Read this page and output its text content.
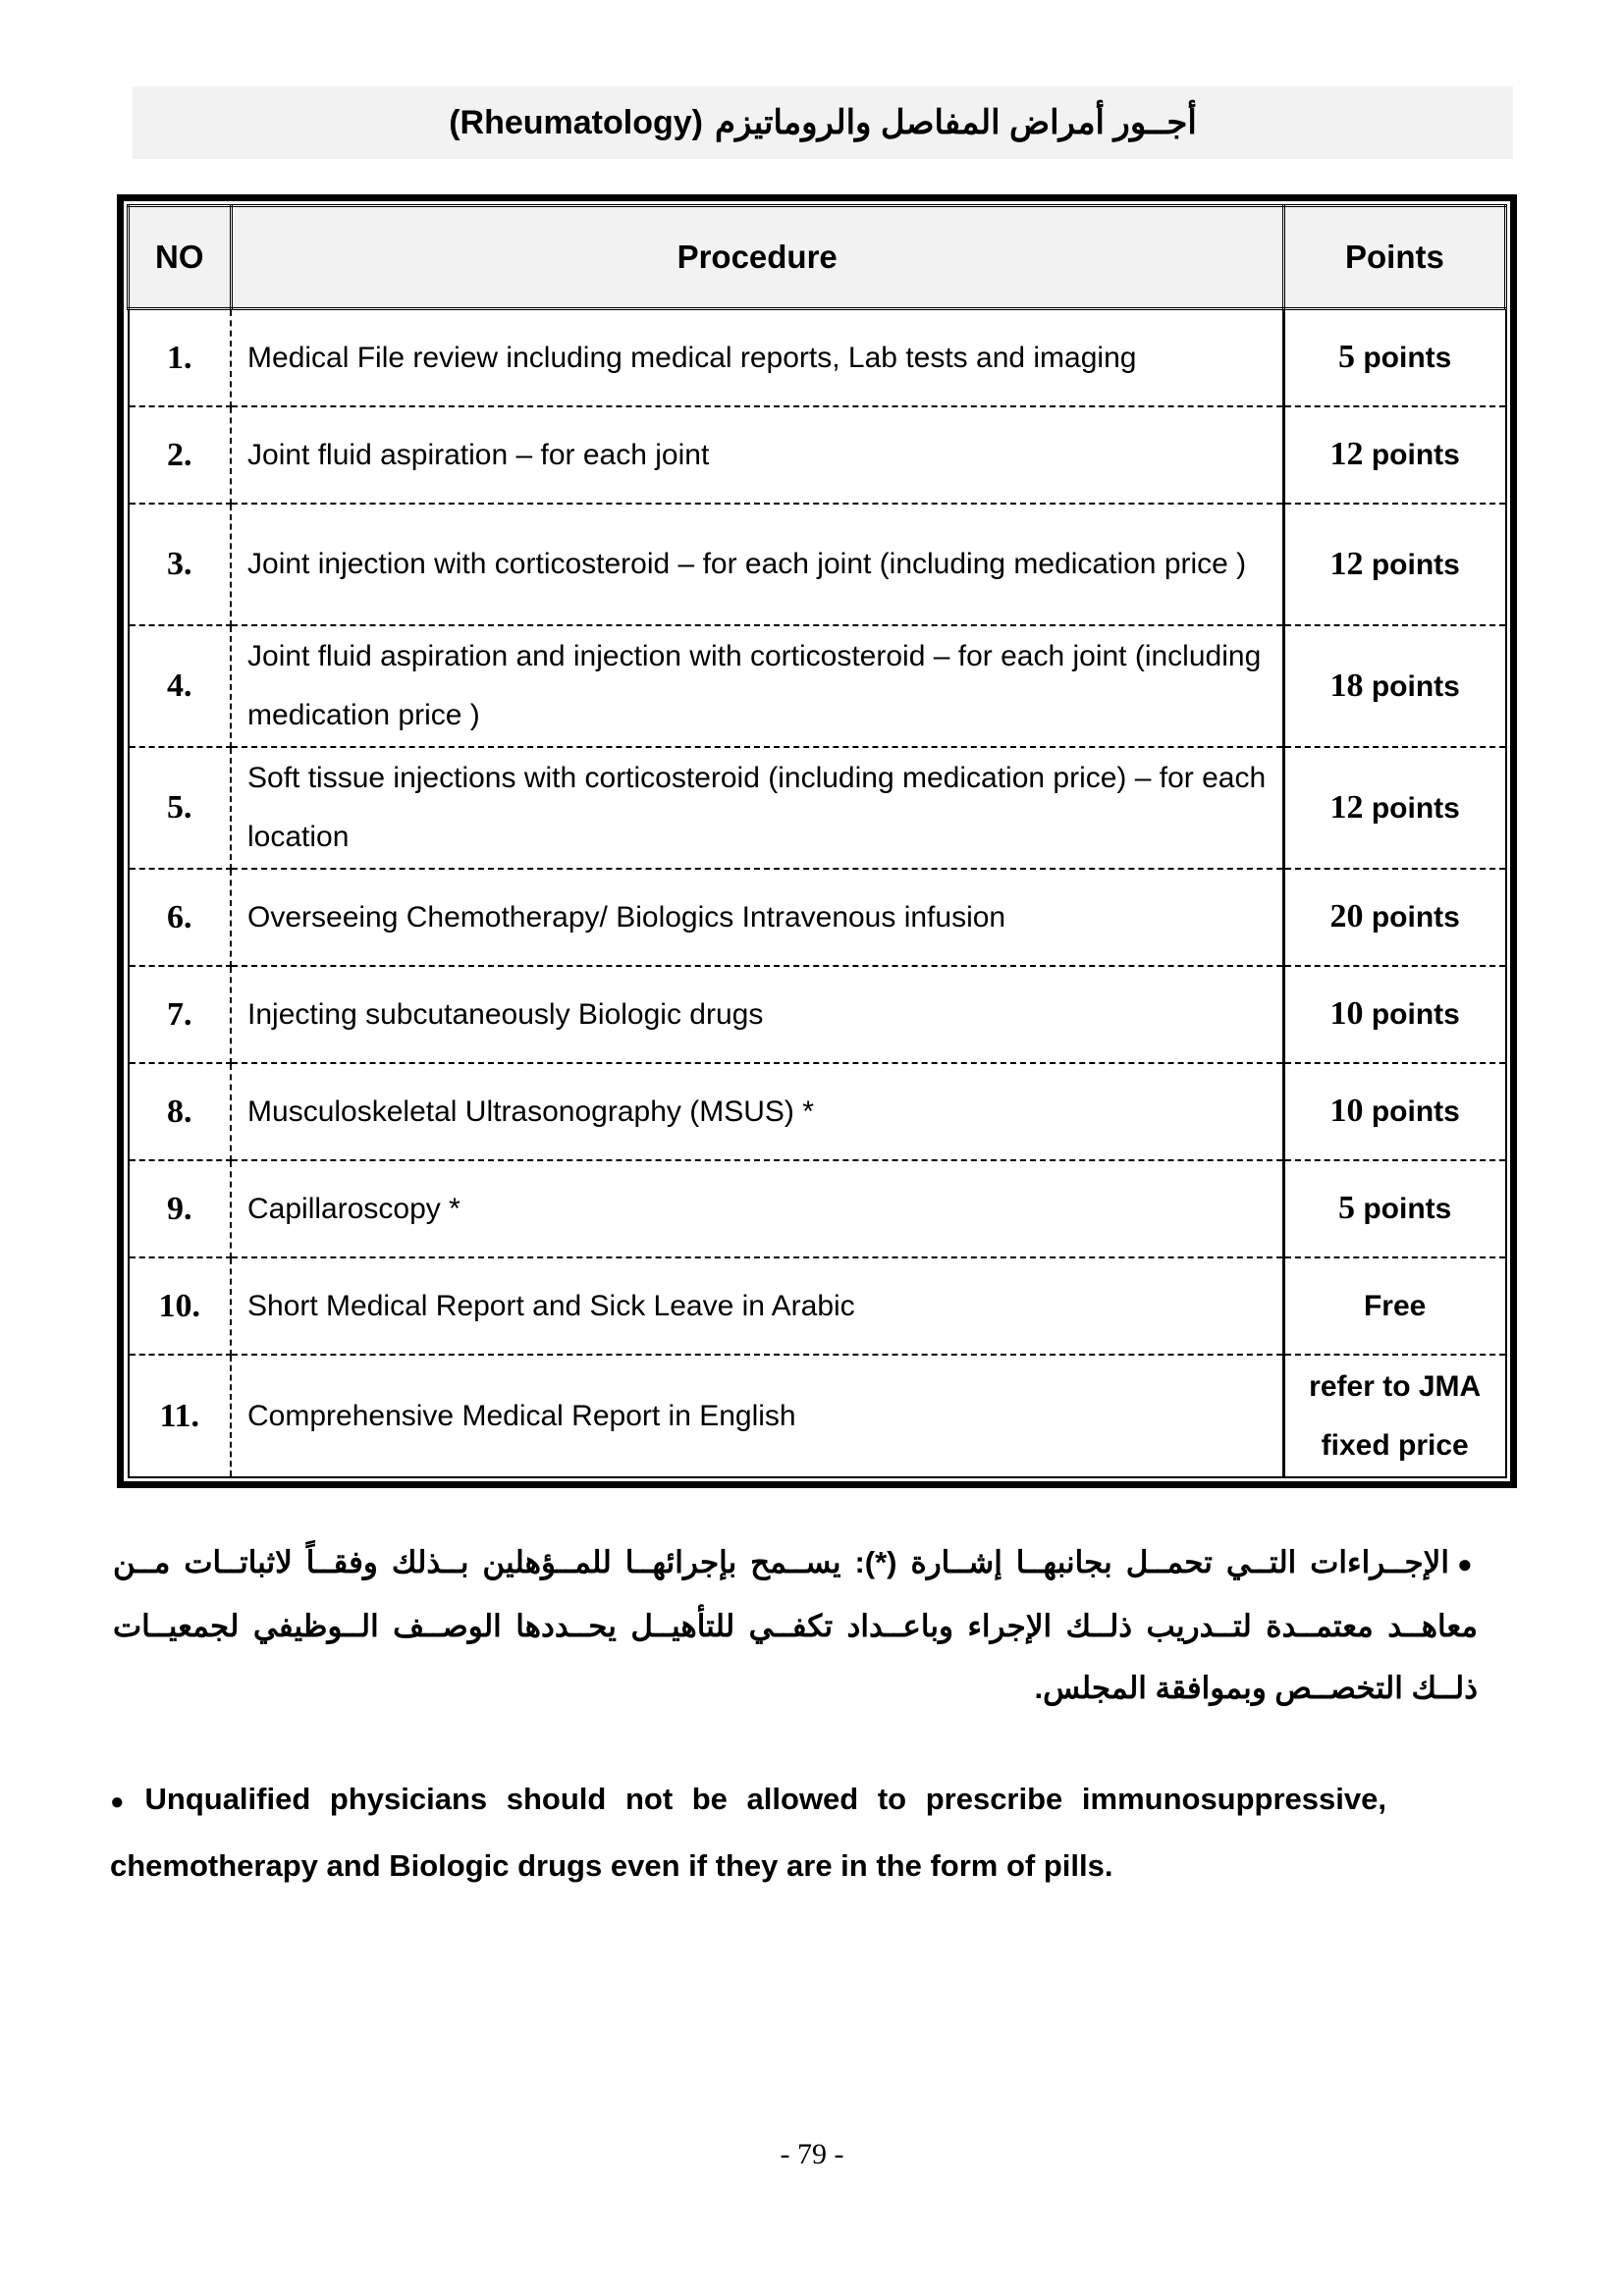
(Rheumatology) أجــور أمراض المفاصل والروماتيزم
NO	Procedure	Points
1.	Medical File review including medical reports, Lab tests and imaging	5 points
2.	Joint fluid aspiration – for each joint	12 points
3.	Joint injection with corticosteroid – for each joint (including medication price )	12 points
4.	Joint fluid aspiration and injection with corticosteroid – for each joint (including medication price )	18 points
5.	Soft tissue injections with corticosteroid (including medication price) – for each location	12 points
6.	Overseeing Chemotherapy/ Biologics Intravenous infusion	20 points
7.	Injecting subcutaneously Biologic drugs	10 points
8.	Musculoskeletal Ultrasonography (MSUS) *	10 points
9.	Capillaroscopy *	5 points
10.	Short Medical Report and Sick Leave in Arabic	Free
11.	Comprehensive Medical Report in English	refer to JMA fixed price
●الإجــراءات التــي تحمــل بجانبهــا إشــارة (*): يســمح بإجرائهــا للمــؤهلين بــذلك وفقــاً لاثباتــات مــن معاهــد معتمــدة لتــدريب ذلــك الإجراء وباعــداد تكفــي للتأهيــل يحــددها الوصــف الــوظيفي لجمعيــات ذلــك التخصــص وبموافقة المجلس.
● Unqualified physicians should not be allowed to prescribe immunosuppressive, chemotherapy and Biologic drugs even if they are in the form of pills.
- 79 -
